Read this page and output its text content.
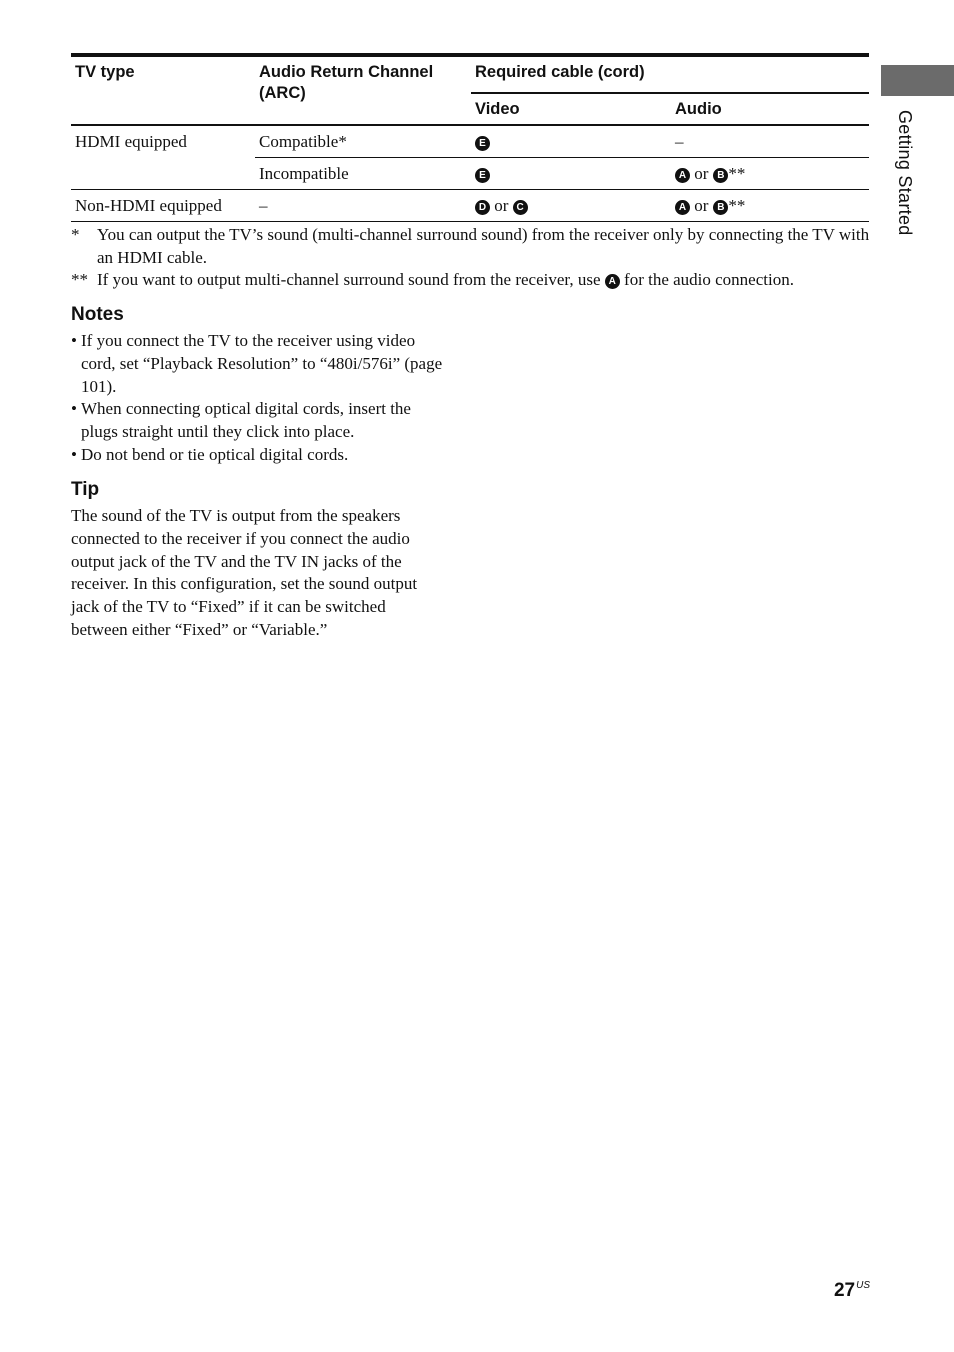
TV type	Audio Return Channel (ARC)	Required cable (cord)	
		Video	Audio
HDMI equipped	Compatible*	E	–
	Incompatible	E	A or B **
Non-HDMI equipped	–	D or C	A or B **

*	You can output the TV’s sound (multi-channel surround sound) from the receiver only by connecting the TV with an HDMI cable.

** If you want to output multi-channel surround sound from the receiver, use A for the audio connection.

Notes
• If you connect the TV to the receiver using video cord, set “Playback Resolution” to “480i/576i” (page 101).
• When connecting optical digital cords, insert the plugs straight until they click into place.
• Do not bend or tie optical digital cords.
Tip

The sound of the TV is output from the speakers connected to the receiver if you connect the audio output jack of the TV and the TV IN jacks of the receiver. In this configuration, set the sound output jack of the TV to “Fixed” if it can be switched between either “Fixed” or “Variable.”

Getting Started
$27^{US}$
